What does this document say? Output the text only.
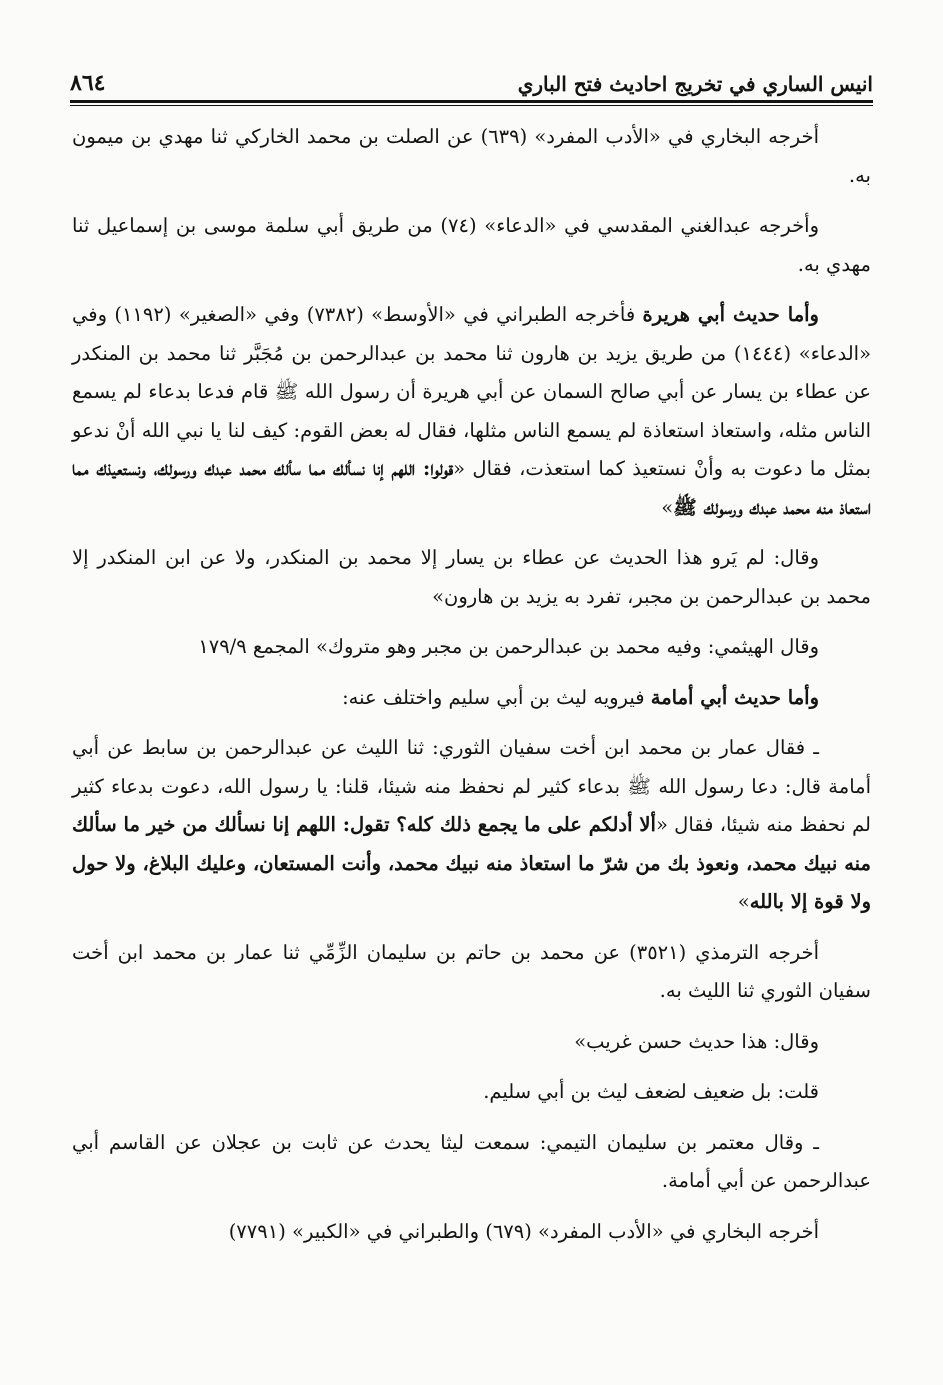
٨٦٤	انيس الساري في تخريج احاديث فتح الباري

أخرجه البخاري في «الأدب المفرد» (٦٣٩) عن الصلت بن محمد الخاركي ثنا مهدي بن ميمون به.

وأخرجه عبدالغني المقدسي في «الدعاء» (٧٤) من طريق أبي سلمة موسى بن إسماعيل ثنا مهدي به.

وأما حديث أبي هريرة فأخرجه الطبراني في «الأوسط» (٧٣٨٢) وفي «الصغير» (١١٩٢) وفي «الدعاء» (١٤٤٤) من طريق يزيد بن هارون ثنا محمد بن عبدالرحمن بن مُجَبَّر ثنا محمد بن المنكدر عن عطاء بن يسار عن أبي صالح السمان عن أبي هريرة أن رسول الله ﷺ قام فدعا بدعاء لم يسمع الناس مثله، واستعاذ استعاذة لم يسمع الناس مثلها، فقال له بعض القوم: كيف لنا يا نبي الله أنْ ندعو بمثل ما دعوت به وأنْ نستعيذ كما استعذت، فقال «قولوا: اللهم إنا نسألك مما سألك محمد عبدك ورسولك، ونستعيذك مما استعاذ منه محمد عبدك ورسولك ﷺ»

وقال: لم يَرو هذا الحديث عن عطاء بن يسار إلا محمد بن المنكدر، ولا عن ابن المنكدر إلا محمد بن عبدالرحمن بن مجبر، تفرد به يزيد بن هارون»

وقال الهيثمي: وفيه محمد بن عبدالرحمن بن مجبر وهو متروك» المجمع ١٧٩/٩

وأما حديث أبي أمامة فيرويه ليث بن أبي سليم واختلف عنه:

ـ فقال عمار بن محمد ابن أخت سفيان الثوري: ثنا الليث عن عبدالرحمن بن سابط عن أبي أمامة قال: دعا رسول الله ﷺ بدعاء كثير لم نحفظ منه شيئا، قلنا: يا رسول الله، دعوت بدعاء كثير لم نحفظ منه شيئا، فقال «ألا أدلكم على ما يجمع ذلك كله؟ تقول: اللهم إنا نسألك من خير ما سألك منه نبيك محمد، ونعوذ بك من شرّ ما استعاذ منه نبيك محمد، وأنت المستعان، وعليك البلاغ، ولا حول ولا قوة إلا بالله»

أخرجه الترمذي (٣٥٢١) عن محمد بن حاتم بن سليمان الزِّمِّي ثنا عمار بن محمد ابن أخت سفيان الثوري ثنا الليث به.

وقال: هذا حديث حسن غريب»

قلت: بل ضعيف لضعف ليث بن أبي سليم.

ـ وقال معتمر بن سليمان التيمي: سمعت ليثا يحدث عن ثابت بن عجلان عن القاسم أبي عبدالرحمن عن أبي أمامة.

أخرجه البخاري في «الأدب المفرد» (٦٧٩) والطبراني في «الكبير» (٧٧٩١)
